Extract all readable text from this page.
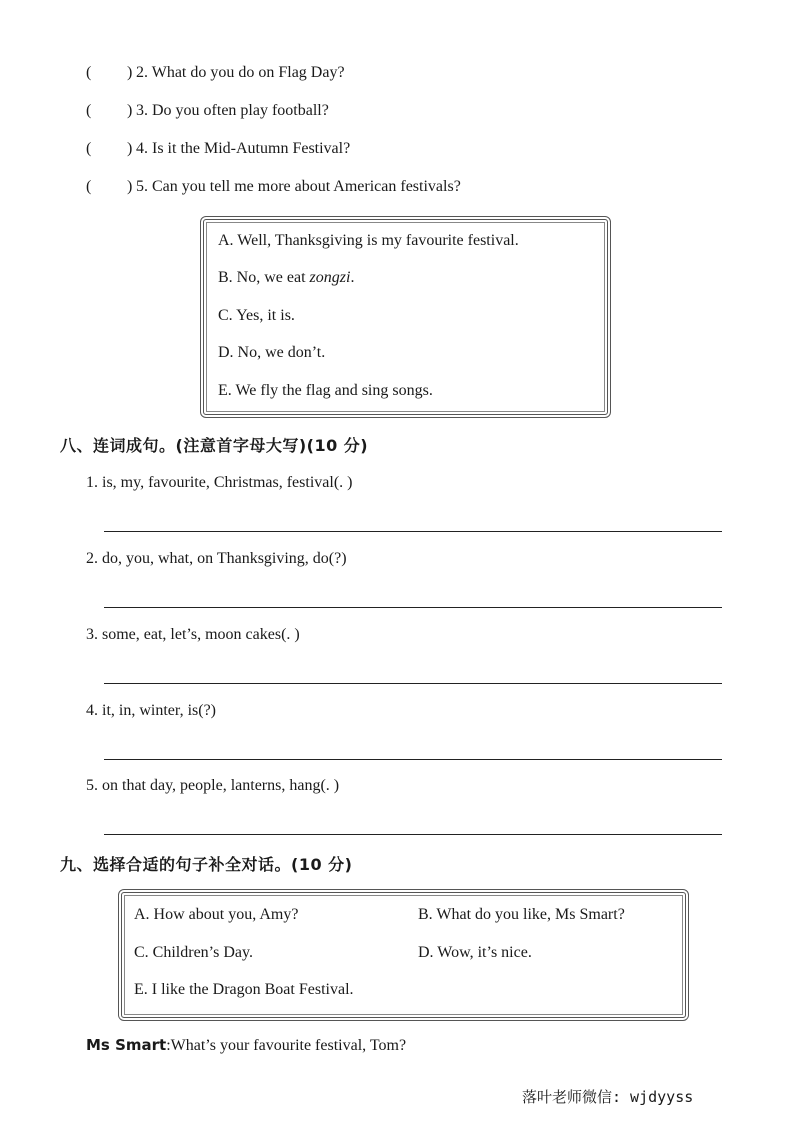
( ) 2. What do you do on Flag Day?
( ) 3. Do you often play football?
( ) 4. Is it the Mid-Autumn Festival?
( ) 5. Can you tell me more about American festivals?
A. Well, Thanksgiving is my favourite festival.
B. No, we eat zongzi.
C. Yes, it is.
D. No, we don’t.
E. We fly the flag and sing songs.
八、连词成句。(注意首字母大写)(10 分)
1. is, my, favourite, Christmas, festival(. )
2. do, you, what, on Thanksgiving, do(?)
3. some, eat, let’s, moon cakes(. )
4. it, in, winter, is(?)
5. on that day, people, lanterns, hang(. )
九、选择合适的句子补全对话。(10 分)
A. How about you, Amy?	B. What do you like, Ms Smart?
C. Children’s Day.	D. Wow, it’s nice.
E. I like the Dragon Boat Festival.
Ms Smart:What’s your favourite festival, Tom?
落叶老师微信: wjdyyss
